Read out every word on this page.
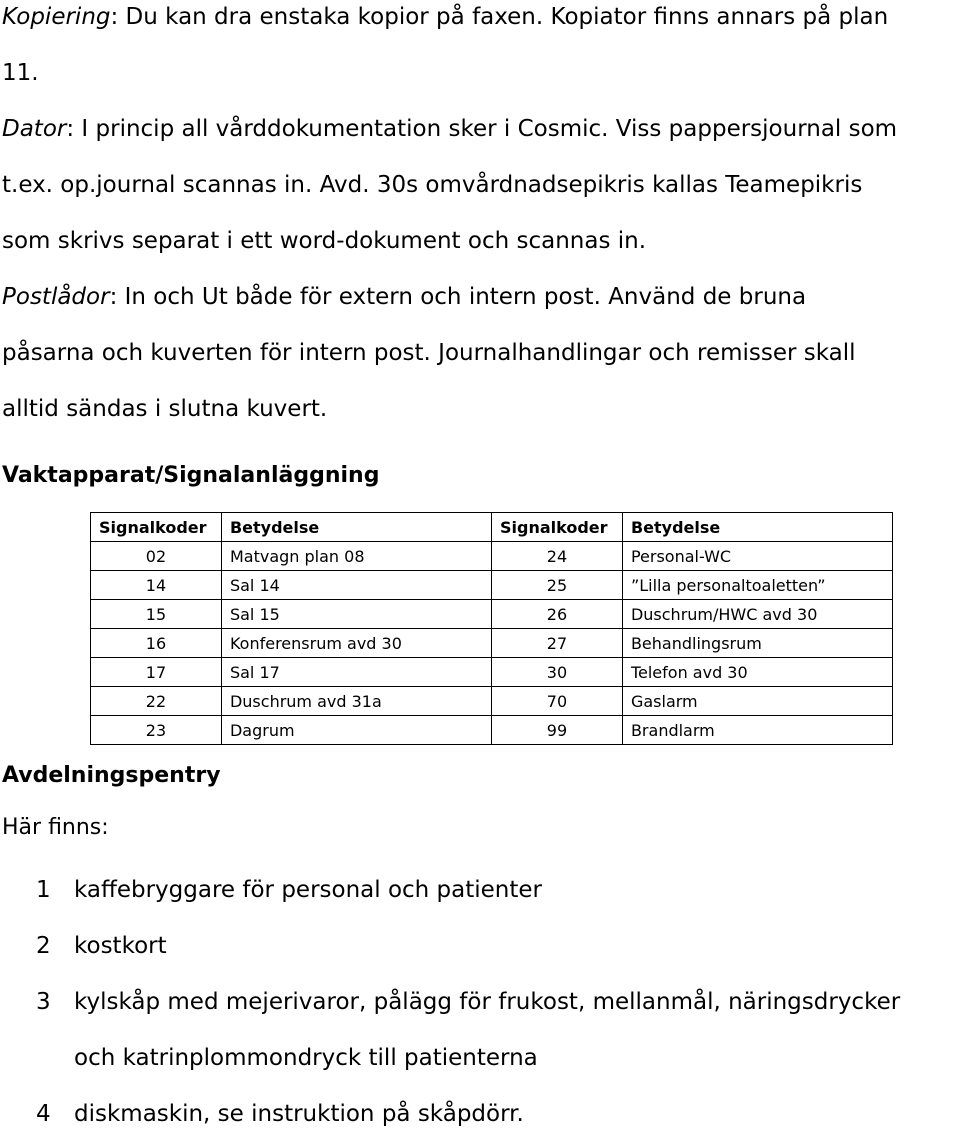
Kopiering: Du kan dra enstaka kopior på faxen. Kopiator finns annars på plan
11.
Dator: I princip all vårddokumentation sker i Cosmic. Viss pappersjournal som
t.ex. op.journal scannas in. Avd. 30s omvårdnadsepikris kallas Teamepikris
som skrivs separat i ett word-dokument och scannas in.
Postlådor: In och Ut både för extern och intern post. Använd de bruna
påsarna och kuverten för intern post. Journalhandlingar och remisser skall
alltid sändas i slutna kuvert.
Vaktapparat/Signalanläggning
Signalkoder	Betydelse	Signalkoder	Betydelse
02	Matvagn plan 08	24	Personal-WC
14	Sal 14	25	”Lilla personaltoaletten”
15	Sal 15	26	Duschrum/HWC avd 30
16	Konferensrum avd 30	27	Behandlingsrum
17	Sal 17	30	Telefon avd 30
22	Duschrum avd 31a	70	Gaslarm
23	Dagrum	99	Brandlarm
Avdelningspentry
Här finns:
1 kaffebryggare för personal och patienter
2 kostkort
3 kylskåp med mejerivaror, pålägg för frukost, mellanmål, näringsdrycker
och katrinplommondryck till patienterna
4 diskmaskin, se instruktion på skåpdörr.
